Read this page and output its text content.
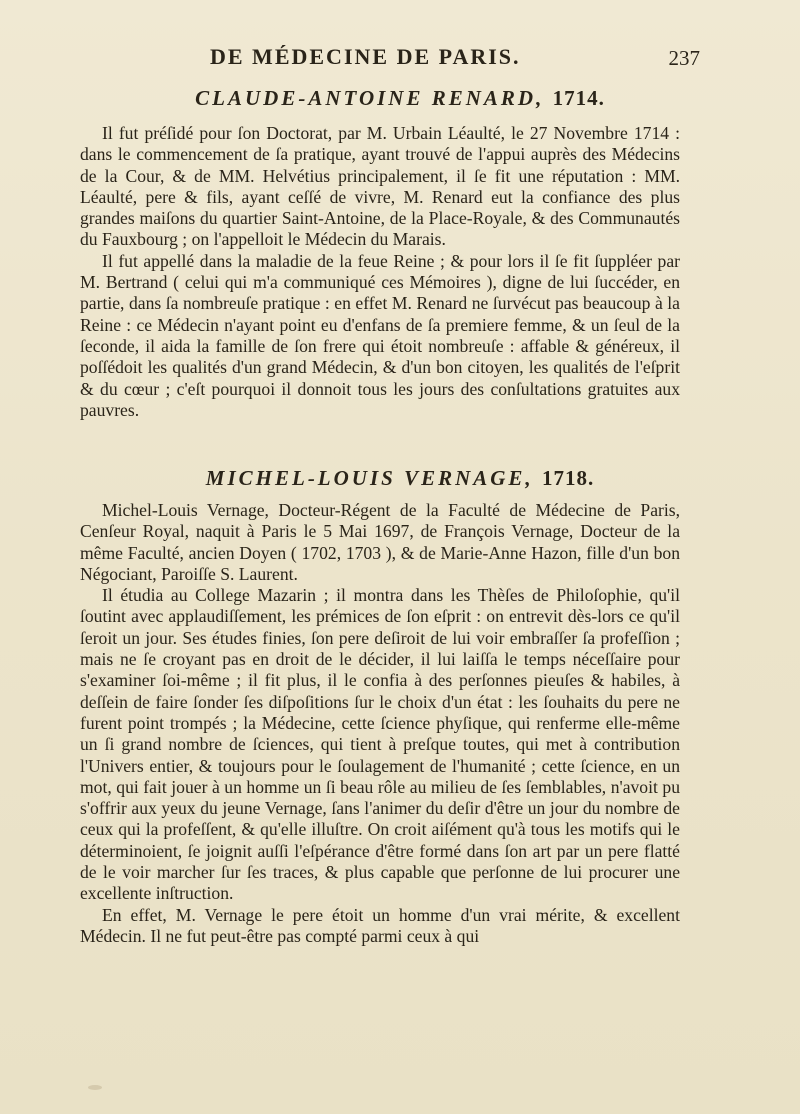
DE MÉDECINE DE PARIS.	237
CLAUDE-ANTOINE RENARD, 1714.

Il fut préſidé pour ſon Doctorat, par M. Urbain Léaulté, le 27 Novembre 1714 : dans le commencement de ſa pratique, ayant trouvé de l'appui auprès des Médecins de la Cour, & de MM. Helvétius principalement, il ſe fit une réputation : MM. Léaulté, pere & fils, ayant ceſſé de vivre, M. Renard eut la confiance des plus grandes maiſons du quartier Saint-Antoine, de la Place-Royale, & des Communautés du Fauxbourg ; on l'appelloit le Médecin du Marais.

Il fut appellé dans la maladie de la feue Reine ; & pour lors il ſe fit ſuppléer par M. Bertrand ( celui qui m'a communiqué ces Mémoires ), digne de lui ſuccéder, en partie, dans ſa nombreuſe pratique : en effet M. Renard ne ſurvécut pas beaucoup à la Reine : ce Médecin n'ayant point eu d'enfans de ſa premiere femme, & un ſeul de la ſeconde, il aida la famille de ſon frere qui étoit nombreuſe : affable & généreux, il poſſédoit les qualités d'un grand Médecin, & d'un bon citoyen, les qualités de l'eſprit & du cœur ; c'eſt pourquoi il donnoit tous les jours des conſultations gratuites aux pauvres.

MICHEL-LOUIS VERNAGE, 1718.

Michel-Louis Vernage, Docteur-Régent de la Faculté de Médecine de Paris, Cenſeur Royal, naquit à Paris le 5 Mai 1697, de François Vernage, Docteur de la même Faculté, ancien Doyen ( 1702, 1703 ), & de Marie-Anne Hazon, fille d'un bon Négociant, Paroiſſe S. Laurent.

Il étudia au College Mazarin ; il montra dans les Thèſes de Philoſophie, qu'il ſoutint avec applaudiſſement, les prémices de ſon eſprit : on entrevit dès-lors ce qu'il ſeroit un jour. Ses études finies, ſon pere deſiroit de lui voir embraſſer ſa profeſſion ; mais ne ſe croyant pas en droit de le décider, il lui laiſſa le temps néceſſaire pour s'examiner ſoi-même ; il fit plus, il le confia à des perſonnes pieuſes & habiles, à deſſein de faire ſonder ſes diſpoſitions ſur le choix d'un état : les ſouhaits du pere ne furent point trompés ; la Médecine, cette ſcience phyſique, qui renferme elle-même un ſi grand nombre de ſciences, qui tient à preſque toutes, qui met à contribution l'Univers entier, & toujours pour le ſoulagement de l'humanité ; cette ſcience, en un mot, qui fait jouer à un homme un ſi beau rôle au milieu de ſes ſemblables, n'avoit pu s'offrir aux yeux du jeune Vernage, ſans l'animer du deſir d'être un jour du nombre de ceux qui la profeſſent, & qu'elle illuſtre. On croit aiſément qu'à tous les motifs qui le déterminoient, ſe joignit auſſi l'eſpérance d'être formé dans ſon art par un pere flatté de le voir marcher ſur ſes traces, & plus capable que perſonne de lui procurer une excellente inſtruction.

En effet, M. Vernage le pere étoit un homme d'un vrai mérite, & excellent Médecin. Il ne fut peut-être pas compté parmi ceux à qui
